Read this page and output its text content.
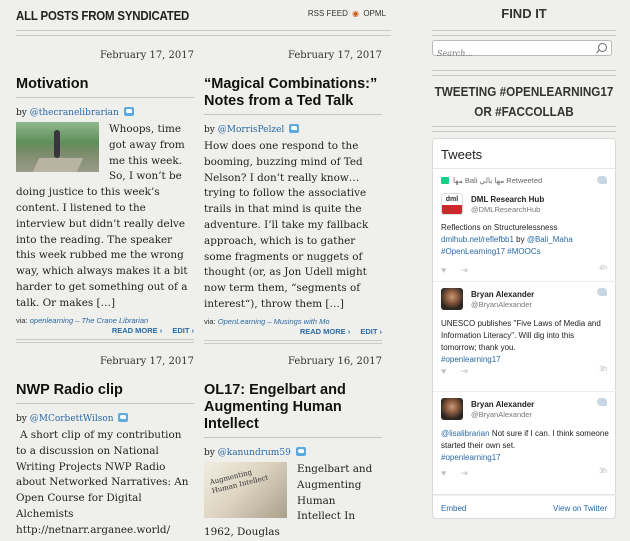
ALL POSTS FROM SYNDICATED	RSS FEED ◉ OPML
February 17, 2017
Motivation
by @thecranelibrarian
Whoops, time got away from me this week. So, I won’t be doing justice to this week’s content. I listened to the interview but didn’t really delve into the reading. The speaker this week rubbed me the wrong way, which always makes it a bit harder to get something out of a talk. Or makes […]
via: openlearning – The Crane Librarian
READ MORE › EDIT ›
February 17, 2017
“Magical Combinations:” Notes from a Ted Talk
by @MorrisPelzel
How does one respond to the booming, buzzing mind of Ted Nelson? I don’t really know…trying to follow the associative trails in that mind is quite the adventure. I’ll take my fallback approach, which is to gather some fragments or nuggets of thought (or, as Jon Udell might now term them, “segments of interest“), throw them […]
via: OpenLearning – Musings with Mo
READ MORE › EDIT ›
February 17, 2017
NWP Radio clip
by @MCorbettWilson
A short clip of my contribution to a discussion on National Writing Projects NWP Radio about Networked Narratives: An Open Course for Digital Alchemists http://netnarr.arganee.world/
February 16, 2017
OL17: Engelbart and Augmenting Human Intellect
by @kanundrum59
Augmenting Human Intellect
Engelbart and Augmenting Human Intellect In 1962, Douglas
FIND IT
Search...
TWEETING #OPENLEARNING17 OR #FACCOLLAB
Tweets
ﻣﻬﺎ Bali مها بالي Retweeted
dml	DML Research Hub
@DMLResearchHub
Reflections on Structurelessness
dmlhub.net/reflefbb1 by @Bali_Maha
#OpenLearning17 #MOOCs
♥ ⇥	4h
Bryan Alexander
@BryanAlexander
UNESCO publishes "Five Laws of Media and Information Literacy". Will dig into this tomorrow; thank you.
#openlearning17
♥ ⇥	3h
Bryan Alexander
@BryanAlexander
@lisalibrarian Not sure if I can. I think someone started their own set.
#openlearning17
♥ ⇥	3h
Embed	View on Twitter
